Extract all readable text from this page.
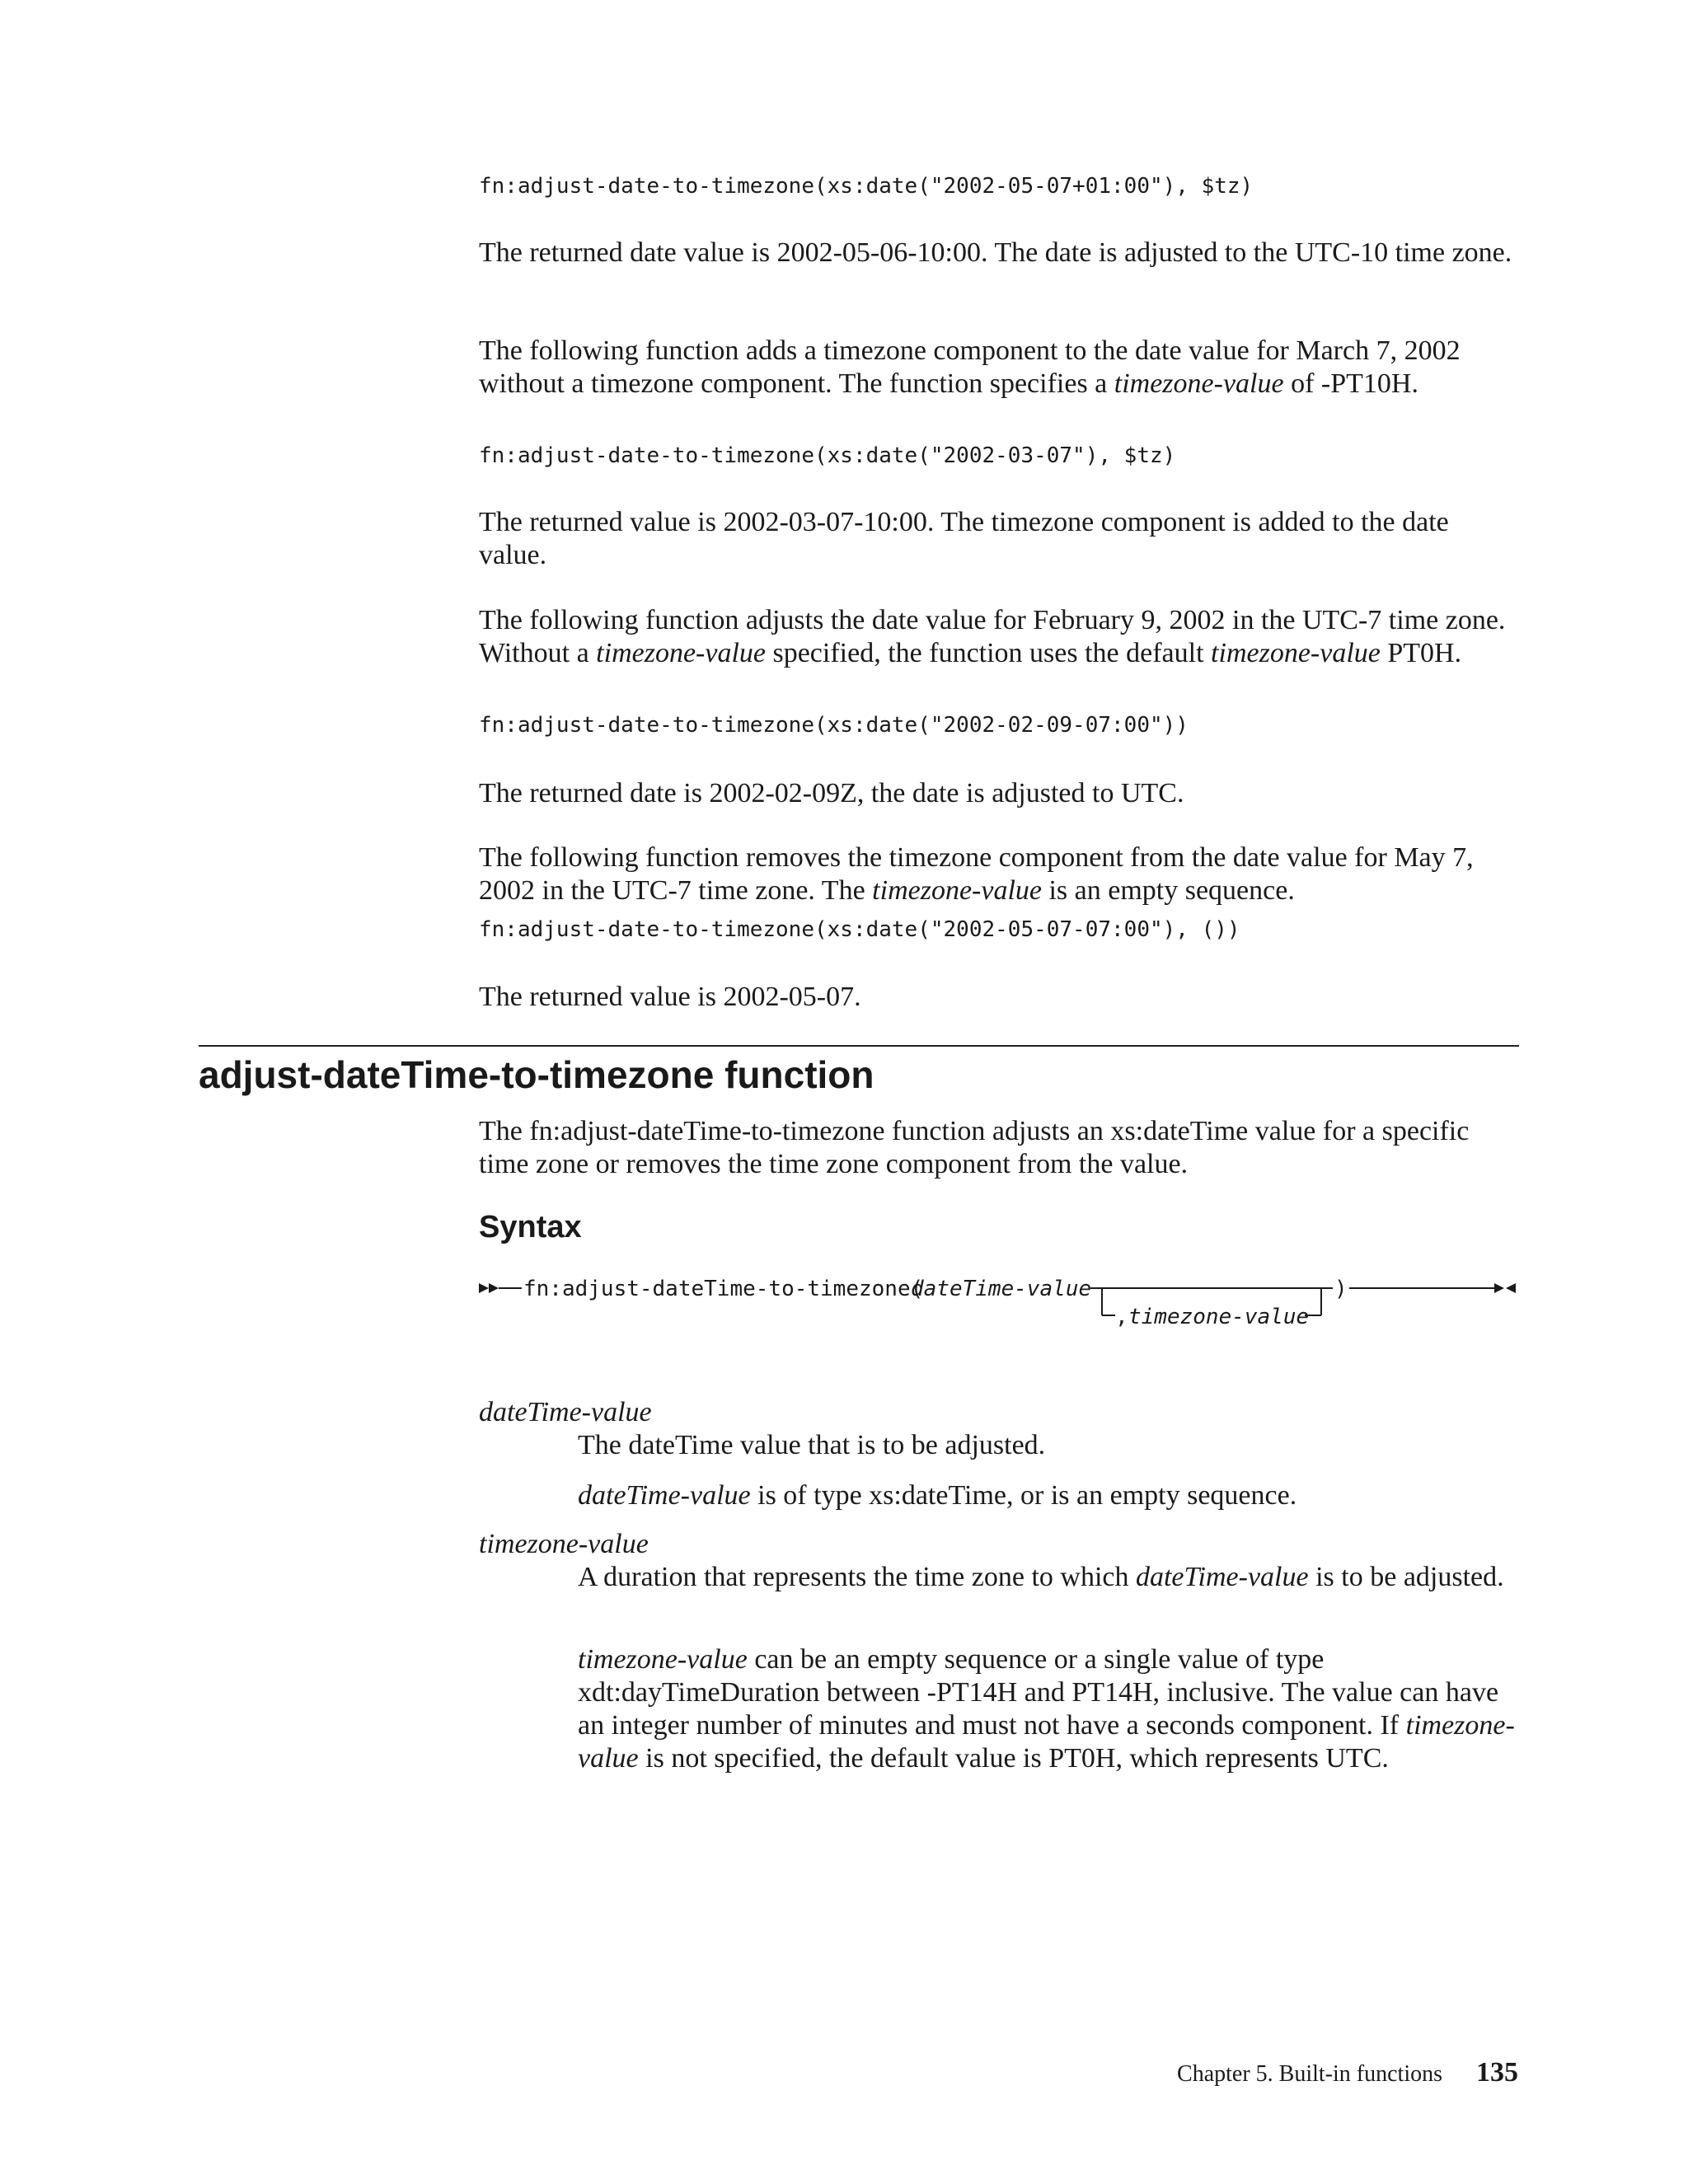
fn:adjust-date-to-timezone(xs:date("2002-05-07+01:00"), $tz)

The returned date value is 2002-05-06-10:00. The date is adjusted to the UTC-10 time zone.

The following function adds a timezone component to the date value for March 7, 2002 without a timezone component. The function specifies a timezone-value of -PT10H.

fn:adjust-date-to-timezone(xs:date("2002-03-07"), $tz)

The returned value is 2002-03-07-10:00. The timezone component is added to the date value.

The following function adjusts the date value for February 9, 2002 in the UTC-7 time zone. Without a timezone-value specified, the function uses the default timezone-value PT0H.

fn:adjust-date-to-timezone(xs:date("2002-02-09-07:00"))

The returned date is 2002-02-09Z, the date is adjusted to UTC.

The following function removes the timezone component from the date value for May 7, 2002 in the UTC-7 time zone. The timezone-value is an empty sequence.

fn:adjust-date-to-timezone(xs:date("2002-05-07-07:00"), ())

The returned value is 2002-05-07.

adjust-dateTime-to-timezone function

The fn:adjust-dateTime-to-timezone function adjusts an xs:dateTime value for a specific time zone or removes the time zone component from the value.

Syntax
fn:adjust-dateTime-to-timezone(
dateTime-value
, timezone-value
)

dateTime-value

The dateTime value that is to be adjusted.

dateTime-value is of type xs:dateTime, or is an empty sequence.

timezone-value

A duration that represents the time zone to which dateTime-value is to be adjusted.

timezone-value can be an empty sequence or a single value of type xdt:dayTimeDuration between -PT14H and PT14H, inclusive. The value can have an integer number of minutes and must not have a seconds component. If timezone-value is not specified, the default value is PT0H, which represents UTC.

Chapter 5. Built-in functions	135
